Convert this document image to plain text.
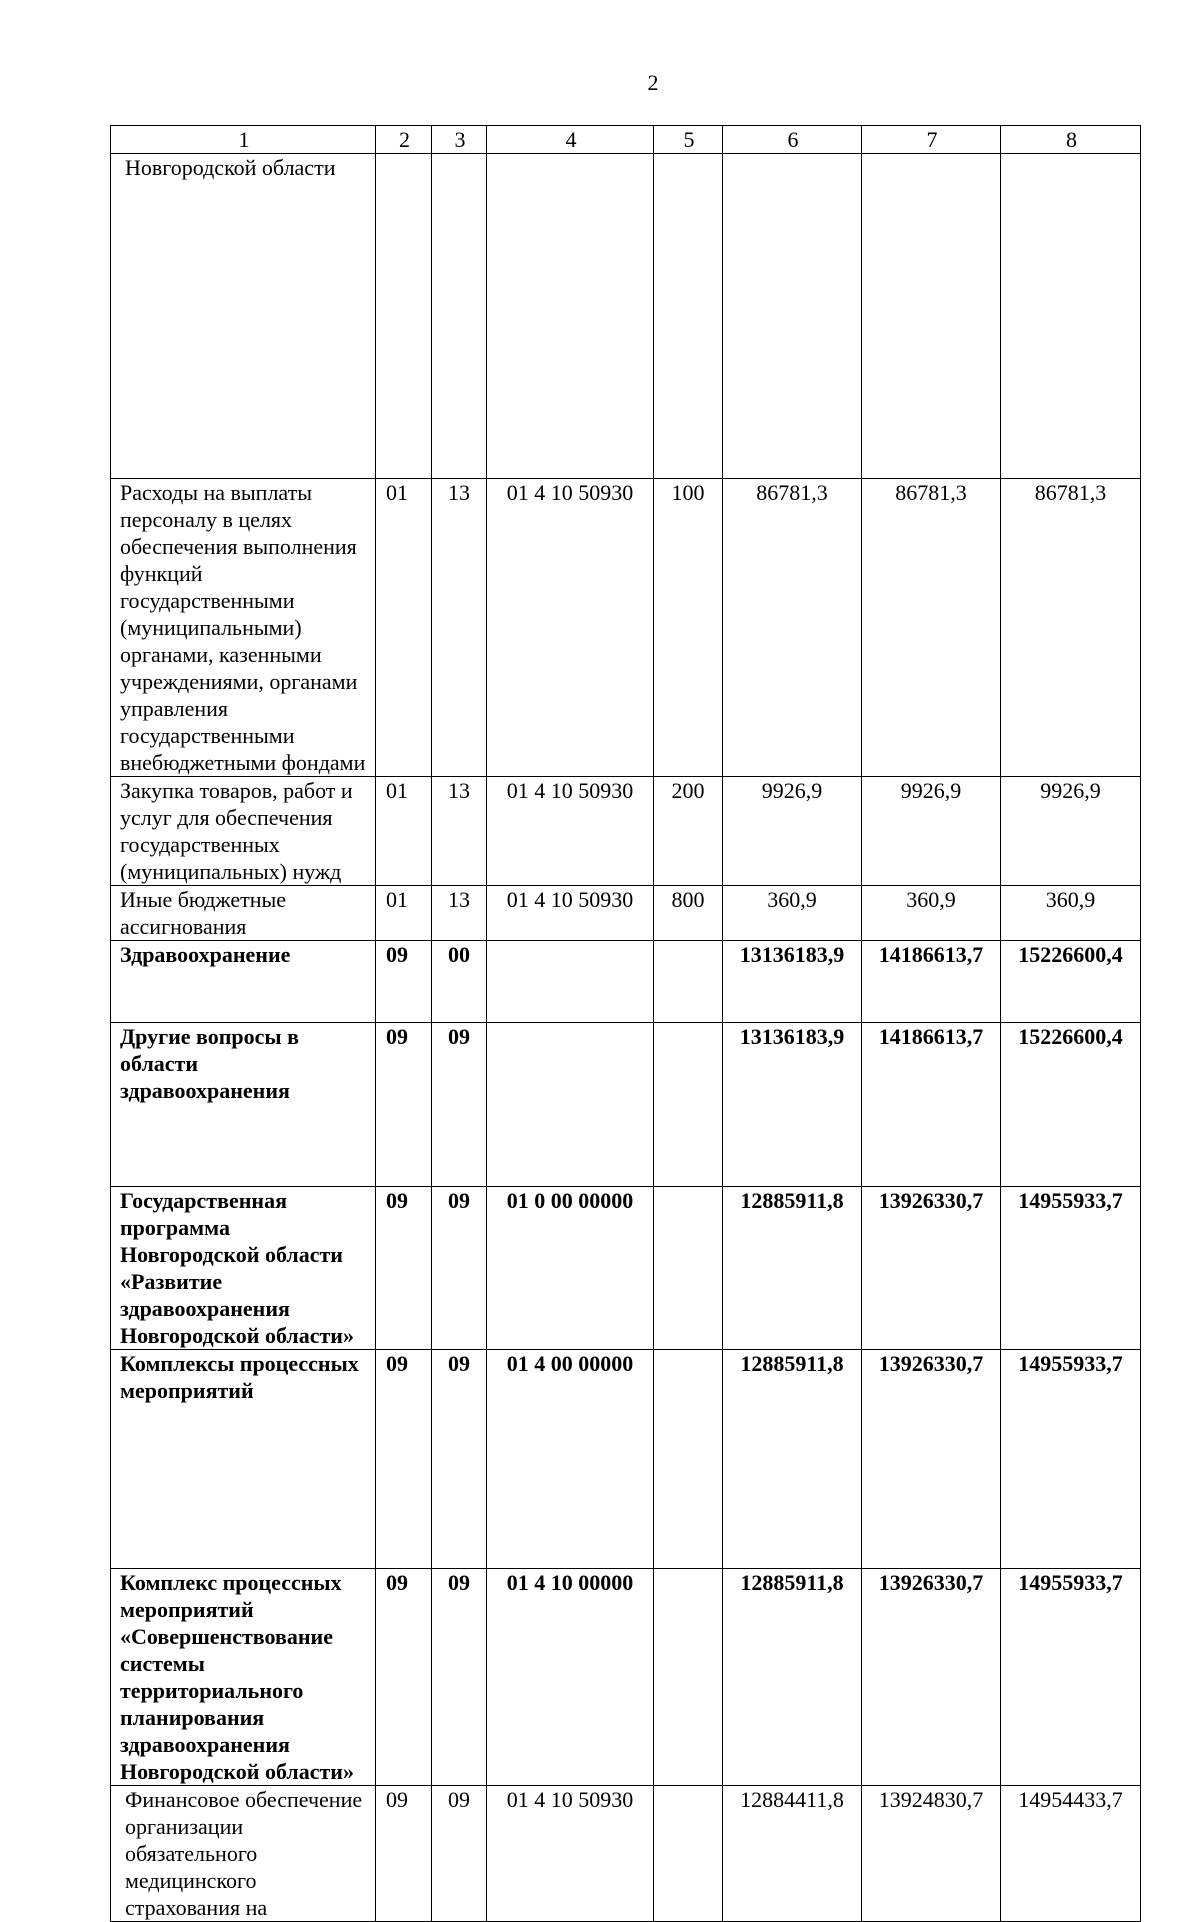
2
1	2	3	4	5	6	7	8
Новгородской области							
Расходы на выплаты персоналу в целях обеспечения выполнения функций государственными (муниципальными) органами, казенными учреждениями, органами управления государственными внебюджетными фондами	01	13	01 4 10 50930	100	86781,3	86781,3	86781,3
Закупка товаров, работ и услуг для обеспечения государственных (муниципальных) нужд	01	13	01 4 10 50930	200	9926,9	9926,9	9926,9
Иные бюджетные ассигнования	01	13	01 4 10 50930	800	360,9	360,9	360,9
Здравоохранение	09	00			13136183,9	14186613,7	15226600,4
Другие вопросы в области здравоохранения	09	09			13136183,9	14186613,7	15226600,4
Государственная программа Новгородской области «Развитие здравоохранения Новгородской области»	09	09	01 0 00 00000		12885911,8	13926330,7	14955933,7
Комплексы процессных мероприятий	09	09	01 4 00 00000		12885911,8	13926330,7	14955933,7
Комплекс процессных мероприятий «Совершенствование системы территориального планирования здравоохранения Новгородской области»	09	09	01 4 10 00000		12885911,8	13926330,7	14955933,7
Финансовое обеспечение организации обязательного медицинского страхования на	09	09	01 4 10 50930		12884411,8	13924830,7	14954433,7
